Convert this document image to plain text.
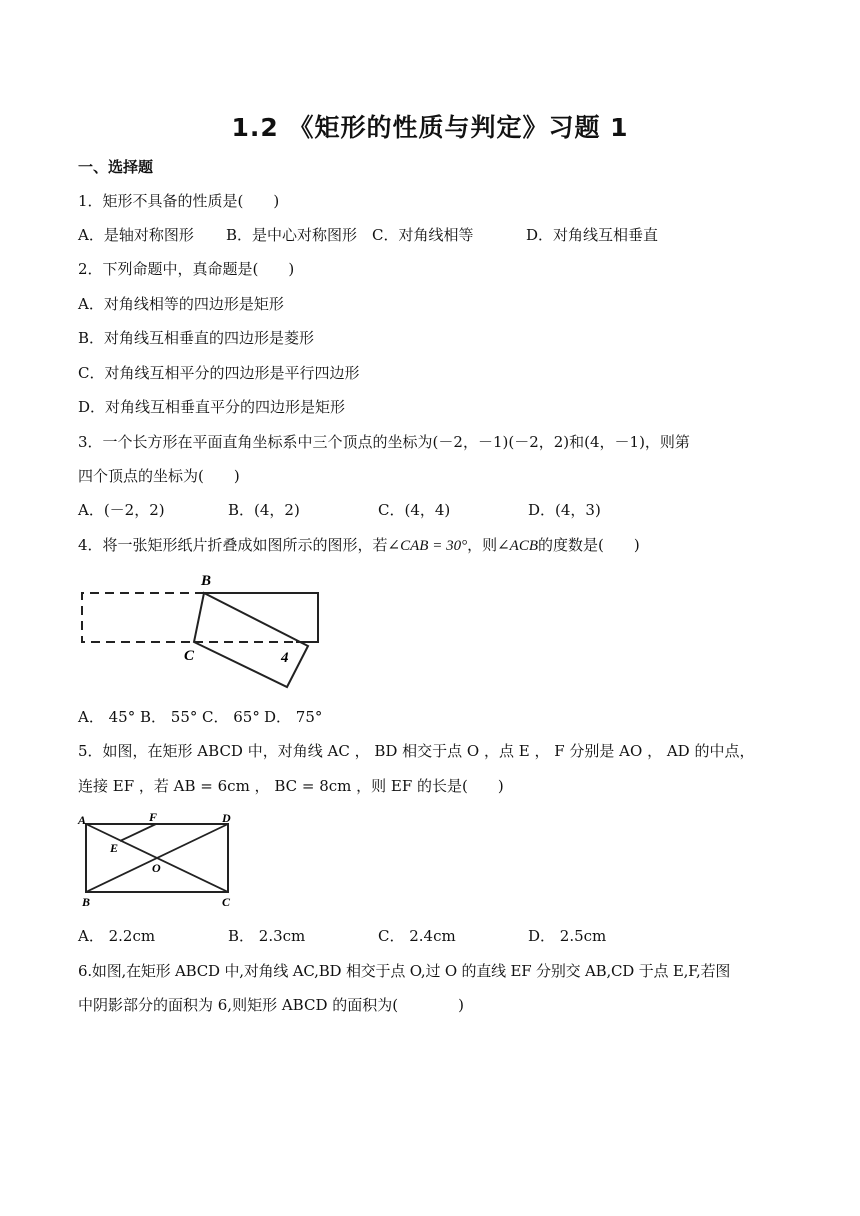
1.2 《矩形的性质与判定》习题 1
一、选择题
1．矩形不具备的性质是(　　)
A．是轴对称图形 B．是中心对称图形 C．对角线相等	D．对角线互相垂直
2．下列命题中，真命题是(　　)
A．对角线相等的四边形是矩形
B．对角线互相垂直的四边形是菱形
C．对角线互相平分的四边形是平行四边形
D．对角线互相垂直平分的四边形是矩形
3．一个长方形在平面直角坐标系中三个顶点的坐标为(－2，－1)(－2，2)和(4，－1)，则第
四个顶点的坐标为(　　)
A．(－2，2)	B．(4，2)	C．(4，4)	D．(4，3)
4．将一张矩形纸片折叠成如图所示的图形，若∠CAB = 30°，则∠ACB的度数是(　　)
B
C	4
A． 45° B． 55° C． 65° D． 75°
5．如图，在矩形 ABCD 中，对角线 AC ， BD 相交于点 O ，点 E ， F 分别是 AO ， AD 的中点，
连接 EF ，若 AB = 6cm ， BC = 8cm ，则 EF 的长是(　　)
A	F	D
E
O
B	C
A． 2.2cm	B． 2.3cm	C． 2.4cm	D． 2.5cm
6.如图,在矩形 ABCD 中,对角线 AC,BD 相交于点 O,过 O 的直线 EF 分别交 AB,CD 于点 E,F,若图
中阴影部分的面积为 6,则矩形 ABCD 的面积为(　　　　)
